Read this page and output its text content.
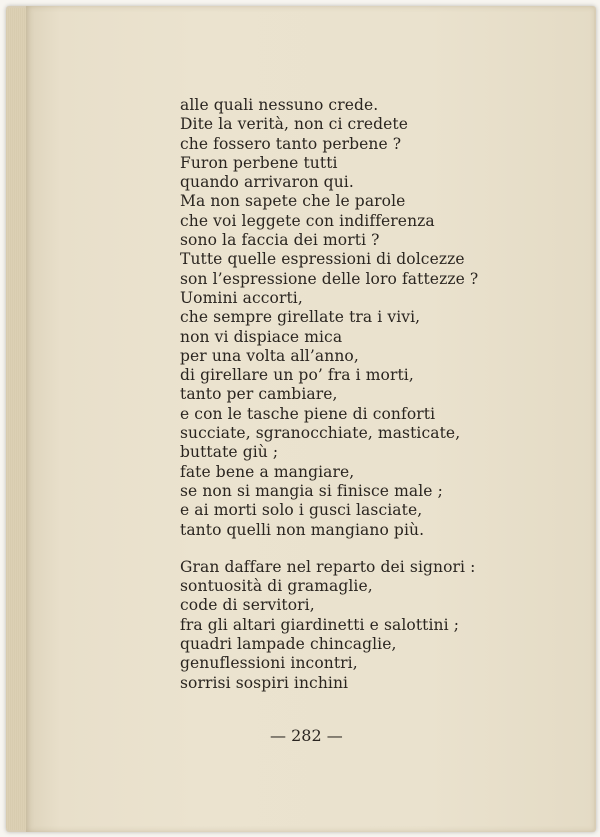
alle quali nessuno crede.
Dite la verità, non ci credete
che fossero tanto perbene ?
Furon perbene tutti
quando arrivaron qui.
Ma non sapete che le parole
che voi leggete con indifferenza
sono la faccia dei morti ?
Tutte quelle espressioni di dolcezze
son l’espressione delle loro fattezze ?
Uomini accorti,
che sempre girellate tra i vivi,
non vi dispiace mica
per una volta all’anno,
di girellare un po’ fra i morti,
tanto per cambiare,
e con le tasche piene di conforti
succiate, sgranocchiate, masticate,
buttate giù ;
fate bene a mangiare,
se non si mangia si finisce male ;
e ai morti solo i gusci lasciate,
tanto quelli non mangiano più.
Gran daffare nel reparto dei signori :
sontuosità di gramaglie,
code di servitori,
fra gli altari giardinetti e salottini ;
quadri lampade chincaglie,
genuflessioni incontri,
sorrisi sospiri inchini
— 282 —
